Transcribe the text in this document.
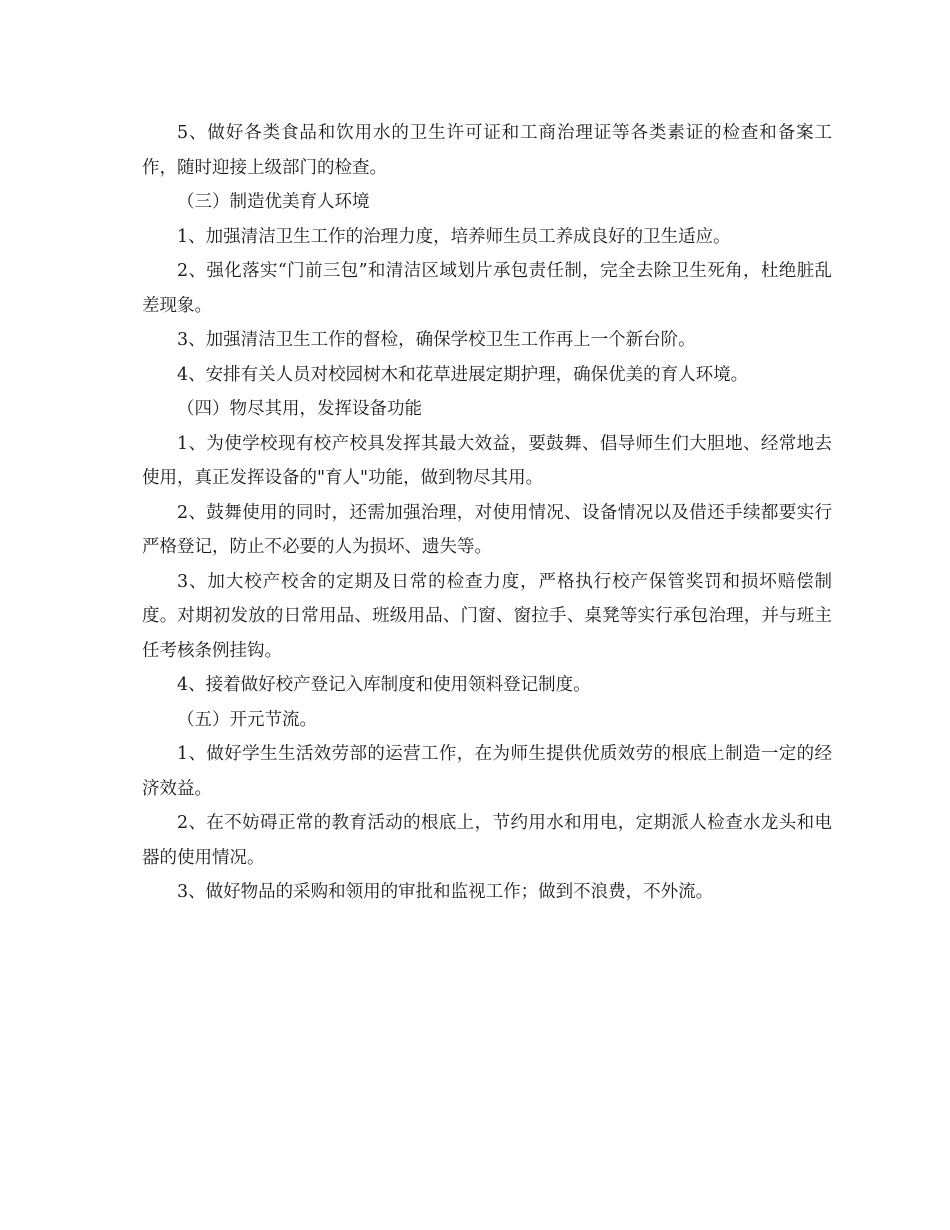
5、做好各类食品和饮用水的卫生许可证和工商治理证等各类素证的检查和备案工作，随时迎接上级部门的检查。

（三）制造优美育人环境

1、加强清洁卫生工作的治理力度，培养师生员工养成良好的卫生适应。

2、强化落实“门前三包”和清洁区域划片承包责任制，完全去除卫生死角，杜绝脏乱差现象。

3、加强清洁卫生工作的督检，确保学校卫生工作再上一个新台阶。

4、安排有关人员对校园树木和花草进展定期护理，确保优美的育人环境。

（四）物尽其用，发挥设备功能

1、为使学校现有校产校具发挥其最大效益，要鼓舞、倡导师生们大胆地、经常地去使用，真正发挥设备的"育人"功能，做到物尽其用。

2、鼓舞使用的同时，还需加强治理，对使用情况、设备情况以及借还手续都要实行严格登记，防止不必要的人为损坏、遗失等。

3、加大校产校舍的定期及日常的检查力度，严格执行校产保管奖罚和损坏赔偿制度。对期初发放的日常用品、班级用品、门窗、窗拉手、桌凳等实行承包治理，并与班主任考核条例挂钩。

4、接着做好校产登记入库制度和使用领料登记制度。

（五）开元节流。

1、做好学生生活效劳部的运营工作，在为师生提供优质效劳的根底上制造一定的经济效益。

2、在不妨碍正常的教育活动的根底上，节约用水和用电，定期派人检查水龙头和电器的使用情况。

3、做好物品的采购和领用的审批和监视工作；做到不浪费，不外流。
